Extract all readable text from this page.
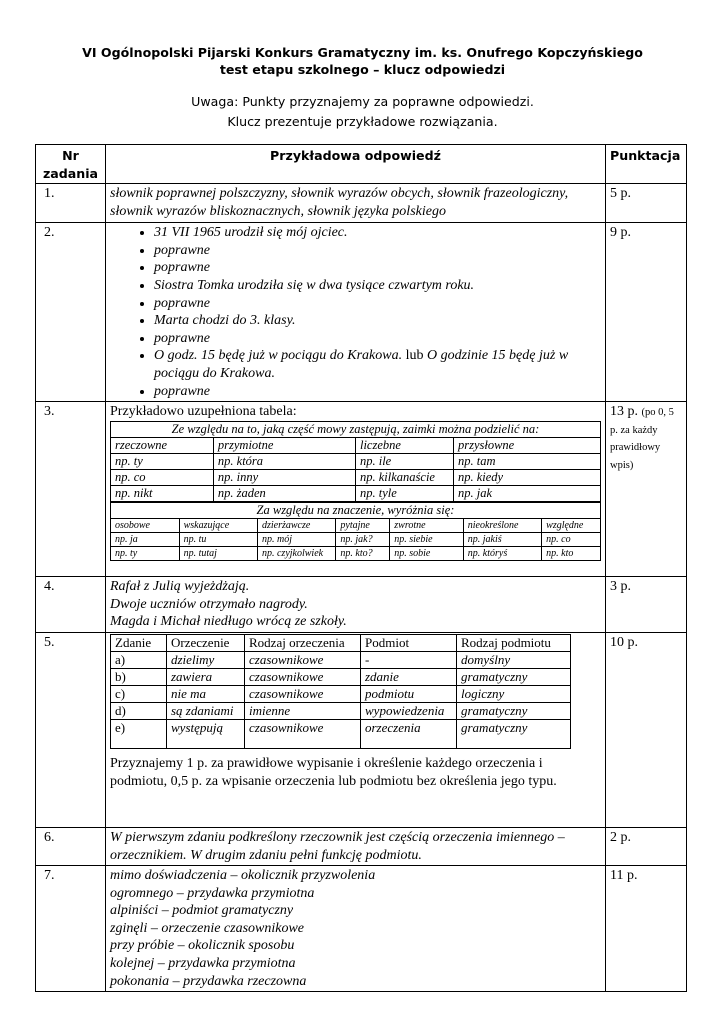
VI Ogólnopolski Pijarski Konkurs Gramatyczny im. ks. Onufrego Kopczyńskiego
test etapu szkolnego – klucz odpowiedzi
Uwaga: Punkty przyznajemy za poprawne odpowiedzi.
Klucz prezentuje przykładowe rozwiązania.
Nr zadania	Przykładowa odpowiedź	Punktacja
1.	słownik poprawnej polszczyzny, słownik wyrazów obcych, słownik frazeologiczny, słownik wyrazów bliskoznacznych, słownik języka polskiego	5 p.
2.	
•31 VII 1965 urodził się mój ojciec.
• poprawne
• poprawne
• Siostra Tomka urodziła się w dwa tysiące czwartym roku.
• poprawne
• Marta chodzi do 3. klasy.
• poprawne
• O godz. 15 będę już w pociągu do Krakowa. lub O godzinie 15 będę już w pociągu do Krakowa.
• poprawne
	9 p.
3.	Przykładowo uzupełniona tabela:
Ze względu na to, jaką część mowy zastępują, zaimki można podzielić na:
rzeczowne	przymiotne	liczebne	przysłowne
np. ty	np. która	np. ile	np. tam
np. co	np. inny	np. kilkanaście	np. kiedy
np. nikt	np. żaden	np. tyle	np. jak
Za względu na znaczenie, wyróżnia się:
osobowe	wskazujące	dzierżawcze	pytajne	zwrotne	nieokreślone	względne
np. ja	np. tu	np. mój	np. jak?	np. siebie	np. jakiś	np. co
np. ty	np. tutaj	np. czyjkolwiek	np. kto?	np. sobie	np. któryś	np. kto
	13 p. (po 0, 5 p. za każdy prawidłowy wpis)
4.	Rafał z Julią wyjeżdżają.
Dwoje uczniów otrzymało nagrody.
Magda i Michał niedługo wrócą ze szkoły.
	3 p.
5.		Zdanie	Orzeczenie	Rodzaj orzeczenia	Podmiot	Rodzaj podmiotu
a)	dzielimy	czasownikowe	-	domyślny
b)	zawiera	czasownikowe	zdanie	gramatyczny
c)	nie ma	czasownikowe	podmiotu	logiczny
d)	są zdaniami	imienne	wypowiedzenia	gramatyczny
e)	występują	czasownikowe	orzeczenia	gramatyczny
Przyznajemy 1 p. za prawidłowe wypisanie i określenie każdego orzeczenia i podmiotu, 0,5 p. za wpisanie orzeczenia lub podmiotu bez określenia jego typu.
	10 p.
6.	W pierwszym zdaniu podkreślony rzeczownik jest częścią orzeczenia imiennego – orzecznikiem. W drugim zdaniu pełni funkcję podmiotu.	2 p.
7.	mimo doświadczenia – okolicznik przyzwolenia
ogromnego – przydawka przymiotna
alpiniści – podmiot gramatyczny
zginęli – orzeczenie czasownikowe
przy próbie – okolicznik sposobu
kolejnej – przydawka przymiotna
pokonania – przydawka rzeczowna
	11 p.
